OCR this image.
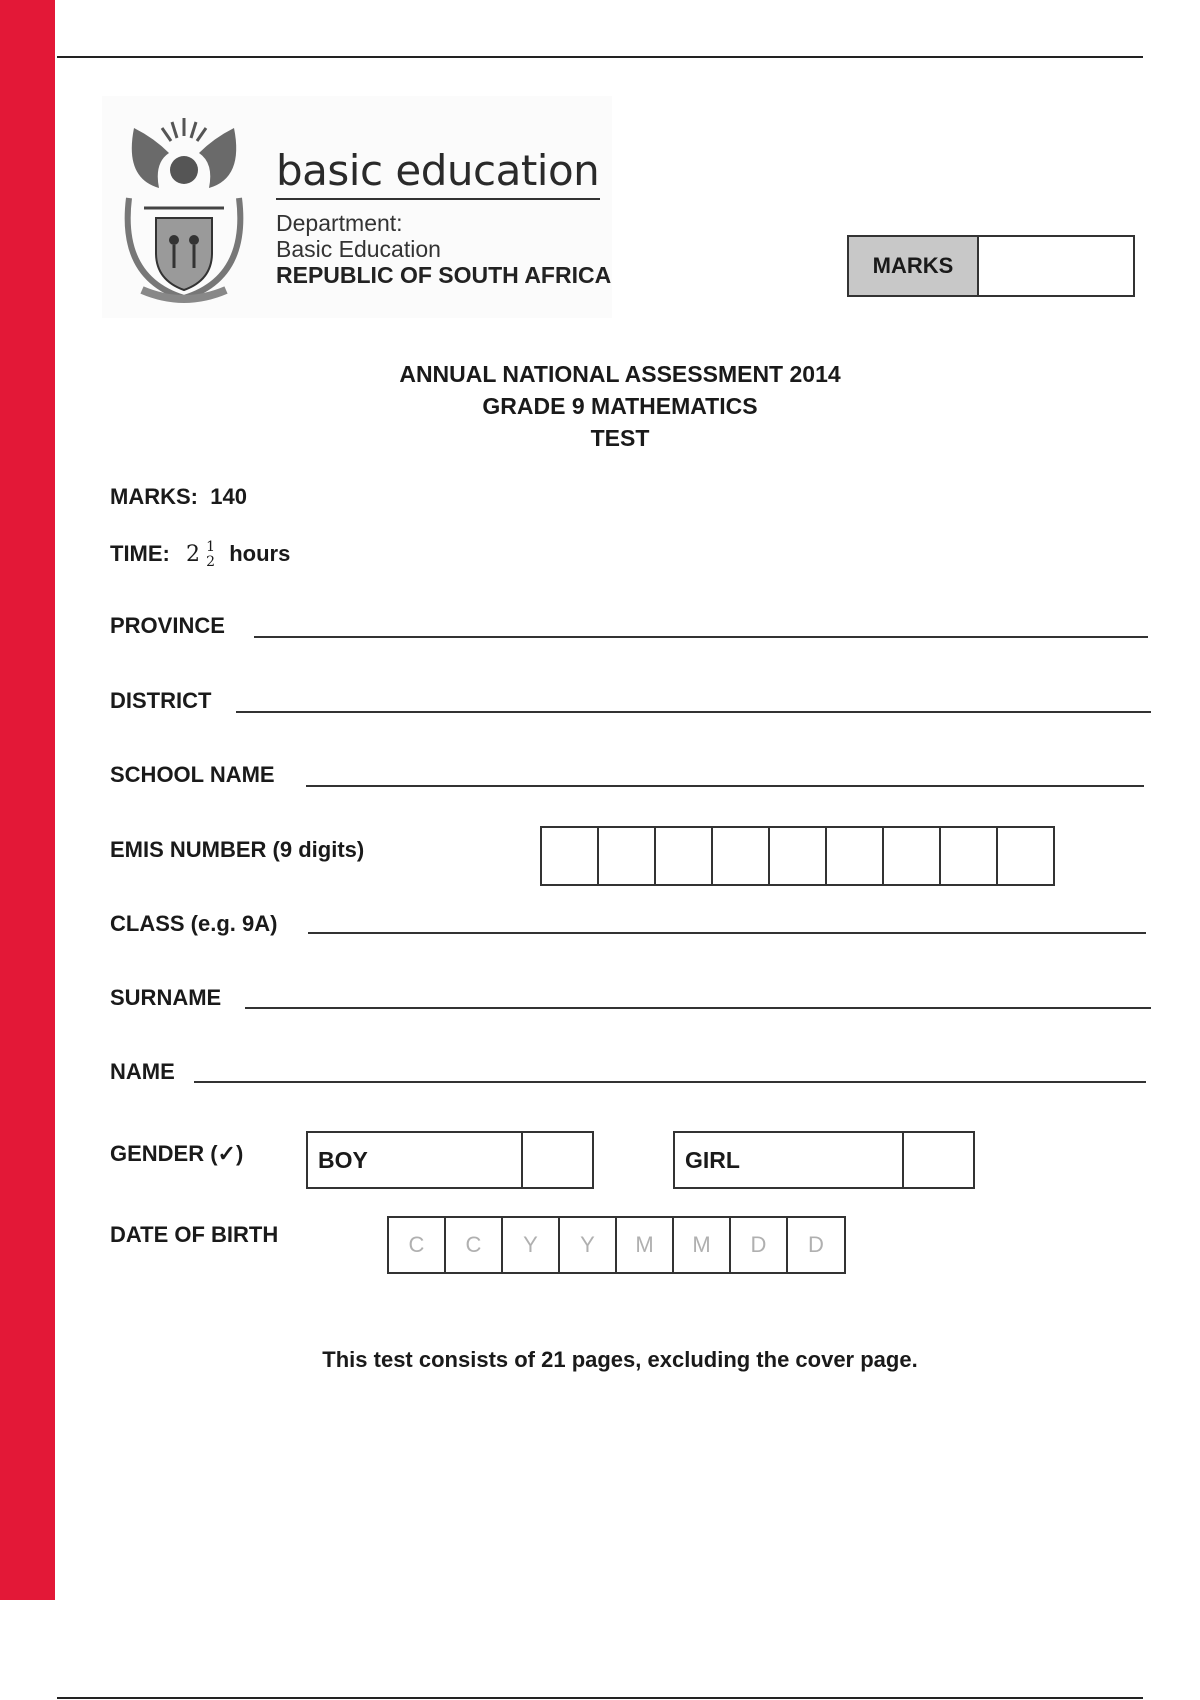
basic education
Department:
Basic Education
REPUBLIC OF SOUTH AFRICA	MARKS
ANNUAL NATIONAL ASSESSMENT 2014
GRADE 9 MATHEMATICS
TEST
MARKS: 140
TIME: 2 1
2 hours
PROVINCE
DISTRICT
SCHOOL NAME
EMIS NUMBER (9 digits)
CLASS (e.g. 9A)
SURNAME
NAME
GENDER (✓)	BOY	GIRL
DATE OF BIRTH	C	C	Y	Y	M	M	D	D
This test consists of 21 pages, excluding the cover page.
